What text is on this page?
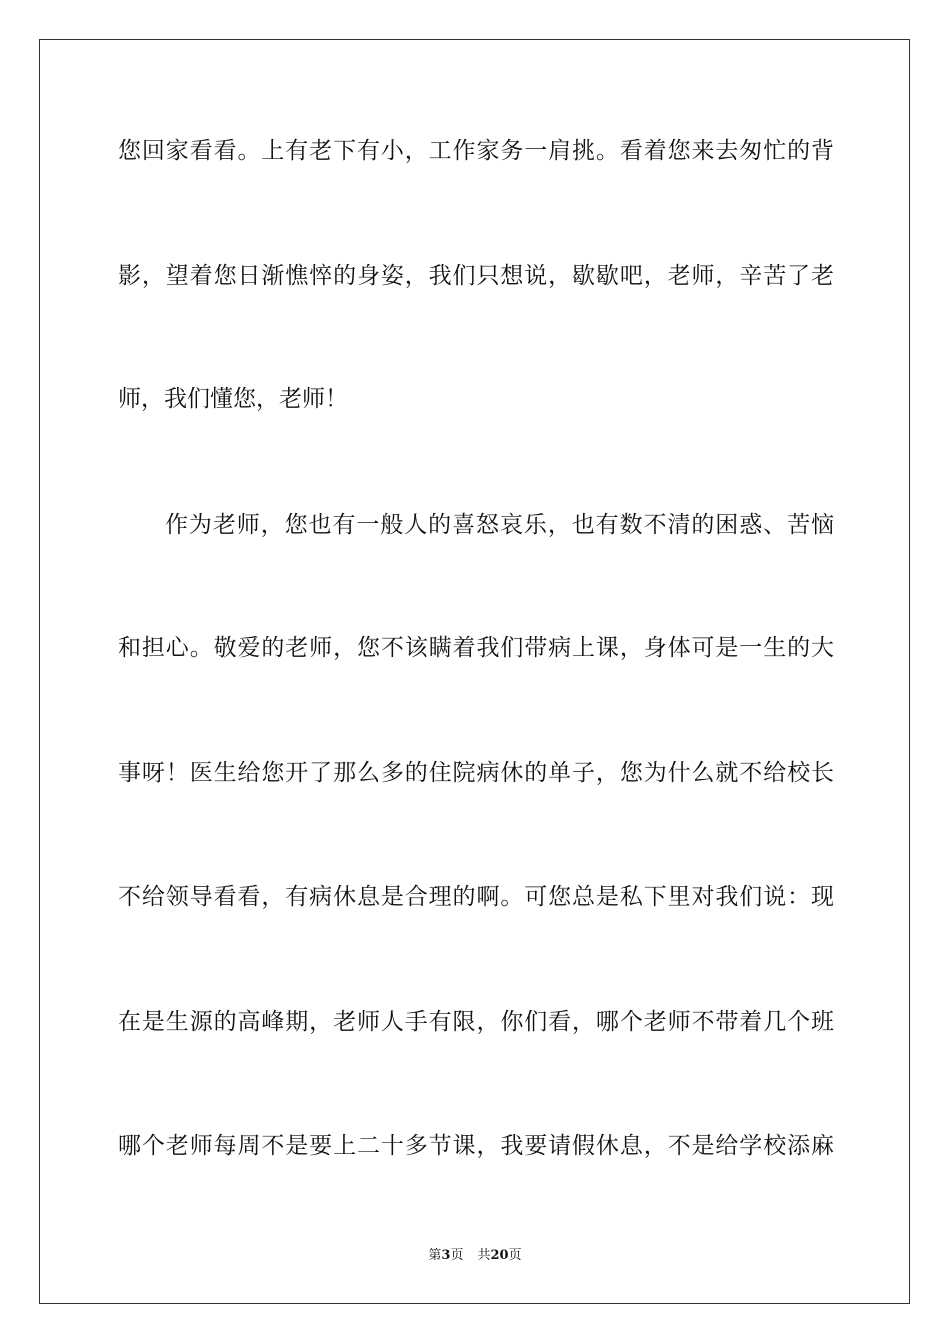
您回家看看。上有老下有小，工作家务一肩挑。看着您来去匆忙的背
影，望着您日渐憔悴的身姿，我们只想说，歇歇吧，老师，辛苦了老
师，我们懂您，老师！
作为老师，您也有一般人的喜怒哀乐，也有数不清的困惑、苦恼
和担心。敬爱的老师，您不该瞒着我们带病上课，身体可是一生的大
事呀！医生给您开了那么多的住院病休的单子，您为什么就不给校长
不给领导看看，有病休息是合理的啊。可您总是私下里对我们说：现
在是生源的高峰期，老师人手有限，你们看，哪个老师不带着几个班
哪个老师每周不是要上二十多节课，我要请假休息，不是给学校添麻
第3页 共20页
